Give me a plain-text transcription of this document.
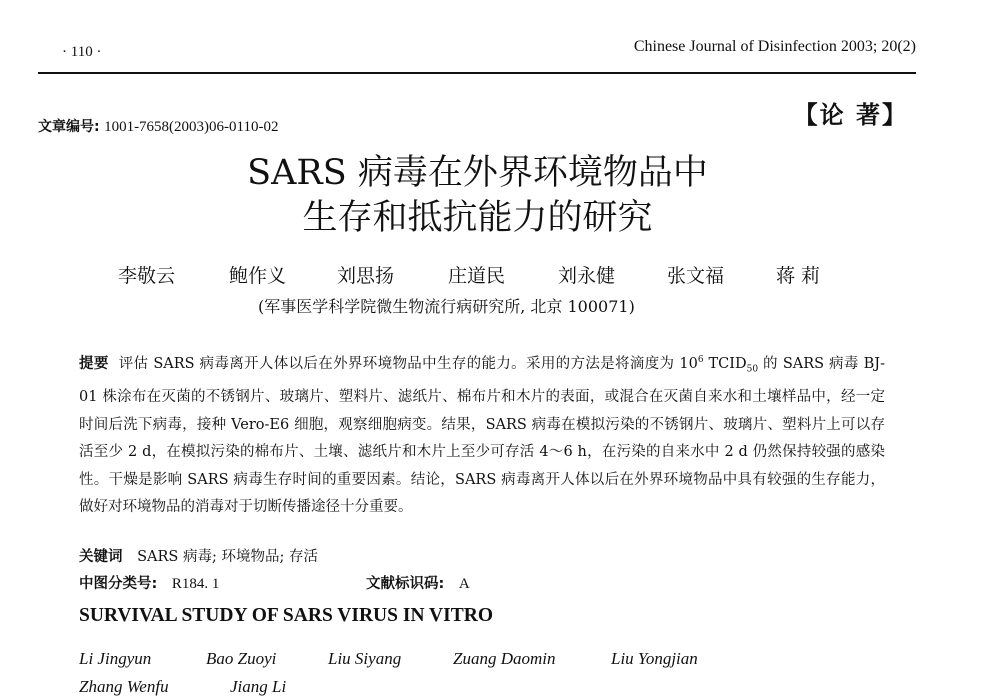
· 110 ·	Chinese Journal of Disinfection 2003; 20(2)
文章编号: 1001-7658(2003)06-0110-02	【论 著】
SARS 病毒在外界环境物品中
生存和抵抗能力的研究
李敬云	鲍作义	刘思扬	庄道民	刘永健	张文福	蒋 莉
(军事医学科学院微生物流行病研究所, 北京 100071)
提要 评估 SARS 病毒离开人体以后在外界环境物品中生存的能力。采用的方法是将滴度为 $10^6$ $TCID_{50}$ 的 SARS 病毒 BJ-01 株涂布在灭菌的不锈钢片、玻璃片、塑料片、滤纸片、棉布片和木片的表面，或混合在灭菌自来水和土壤样品中，经一定时间后洗下病毒，接种 Vero-E6 细胞，观察细胞病变。结果，SARS 病毒在模拟污染的不锈钢片、玻璃片、塑料片上可以存活至少 2 d，在模拟污染的棉布片、土壤、滤纸片和木片上至少可存活 4～6 h，在污染的自来水中 2 d 仍然保持较强的感染性。干燥是影响 SARS 病毒生存时间的重要因素。结论，SARS 病毒离开人体以后在外界环境物品中具有较强的生存能力，做好对环境物品的消毒对于切断传播途径十分重要。
关键词 SARS 病毒; 环境物品; 存活
中图分类号: R184. 1	文献标识码: A
SURVIVAL STUDY OF SARS VIRUS IN VITRO
Li Jingyun	Bao Zuoyi	Liu Siyang	Zuang Daomin	Liu Yongjian
Zhang Wenfu	Jiang Li
